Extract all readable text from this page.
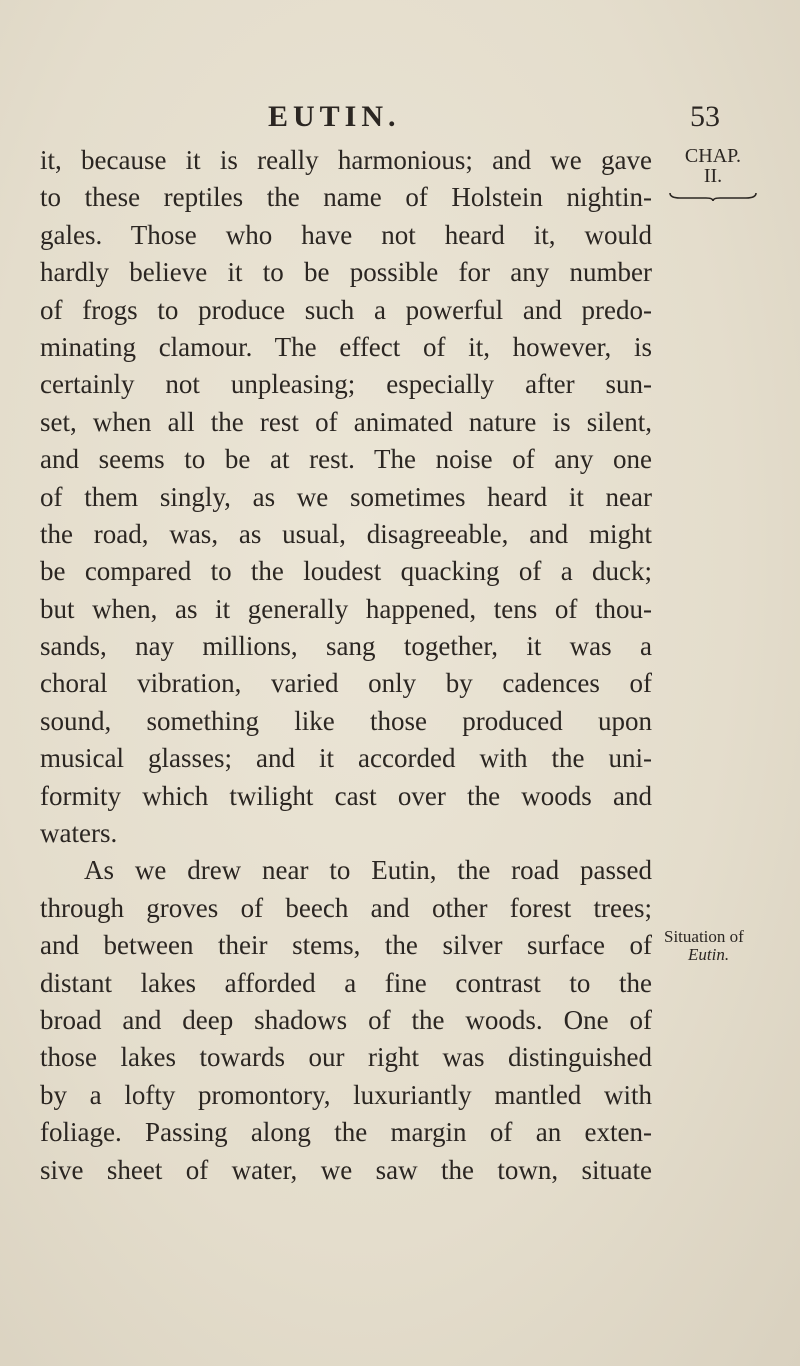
EUTIN.	53
CHAP.
II.
it, because it is really harmonious; and we gave
to these reptiles the name of Holstein nightin-
gales. Those who have not heard it, would
hardly believe it to be possible for any number
of frogs to produce such a powerful and predo-
minating clamour. The effect of it, however, is
certainly not unpleasing; especially after sun-
set, when all the rest of animated nature is silent,
and seems to be at rest. The noise of any one
of them singly, as we sometimes heard it near
the road, was, as usual, disagreeable, and might
be compared to the loudest quacking of a duck;
but when, as it generally happened, tens of thou-
sands, nay millions, sang together, it was a
choral vibration, varied only by cadences of
sound, something like those produced upon
musical glasses; and it accorded with the uni-
formity which twilight cast over the woods and
waters.
As we drew near to Eutin, the road passed
through groves of beech and other forest trees;
and between their stems, the silver surface of
distant lakes afforded a fine contrast to the
broad and deep shadows of the woods. One of
those lakes towards our right was distinguished
by a lofty promontory, luxuriantly mantled with
foliage. Passing along the margin of an exten-
sive sheet of water, we saw the town, situate
Situation of
Eutin.
